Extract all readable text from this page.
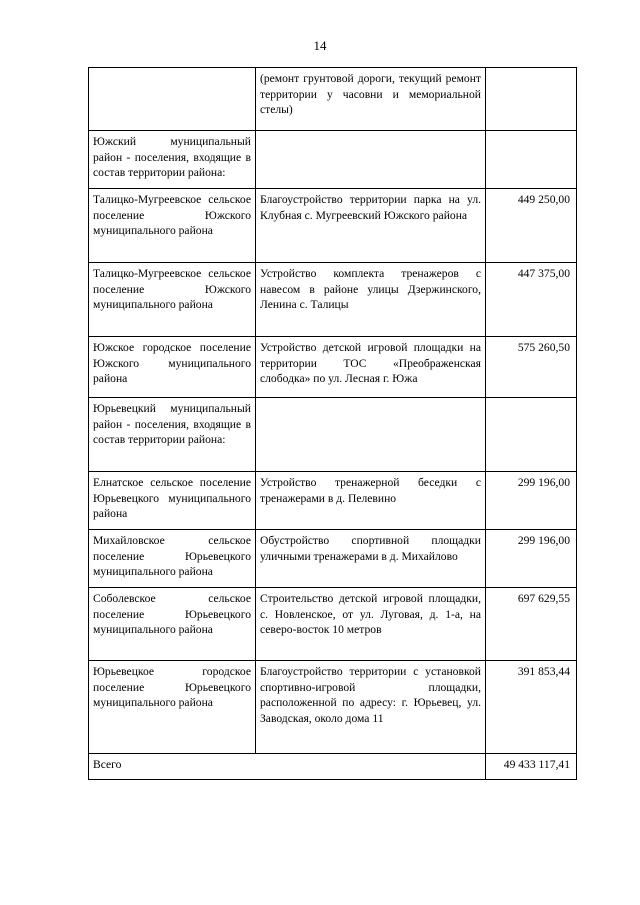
14

	(ремонт грунтовой дороги, текущий ремонт территории у часовни и мемориальной стелы)	

Южский муниципальный район - поселения, входящие в состав территории района:		

Талицко-Мугреевское сельское поселение Южского муниципального района	Благоустройство территории парка на ул. Клубная с. Мугреевский Южского района	449 250,00

Талицко-Мугреевское сельское поселение Южского муниципального района	Устройство комплекта тренажеров с навесом в районе улицы Дзержинского, Ленина с. Талицы	447 375,00

Южское городское поселение Южского муниципального района	Устройство детской игровой площадки на территории ТОС «Преображенская слободка» по ул. Лесная г. Южа	575 260,50

Юрьевецкий муниципальный район - поселения, входящие в состав территории района:		

Елнатское сельское поселение Юрьевецкого муниципального района	Устройство тренажерной беседки с тренажерами в д. Пелевино	299 196,00

Михайловское сельское поселение Юрьевецкого муниципального района	Обустройство спортивной площадки уличными тренажерами в д. Михайлово	299 196,00

Соболевское сельское поселение Юрьевецкого муниципального района	Строительство детской игровой площадки, с. Новленское, от ул. Луговая, д. 1-а, на северо-восток 10 метров	697 629,55

Юрьевецкое городское поселение Юрьевецкого муниципального района	Благоустройство территории с установкой спортивно-игровой площадки, расположенной по адресу: г. Юрьевец, ул. Заводская, около дома 11	391 853,44

Всего		49 433 117,41
